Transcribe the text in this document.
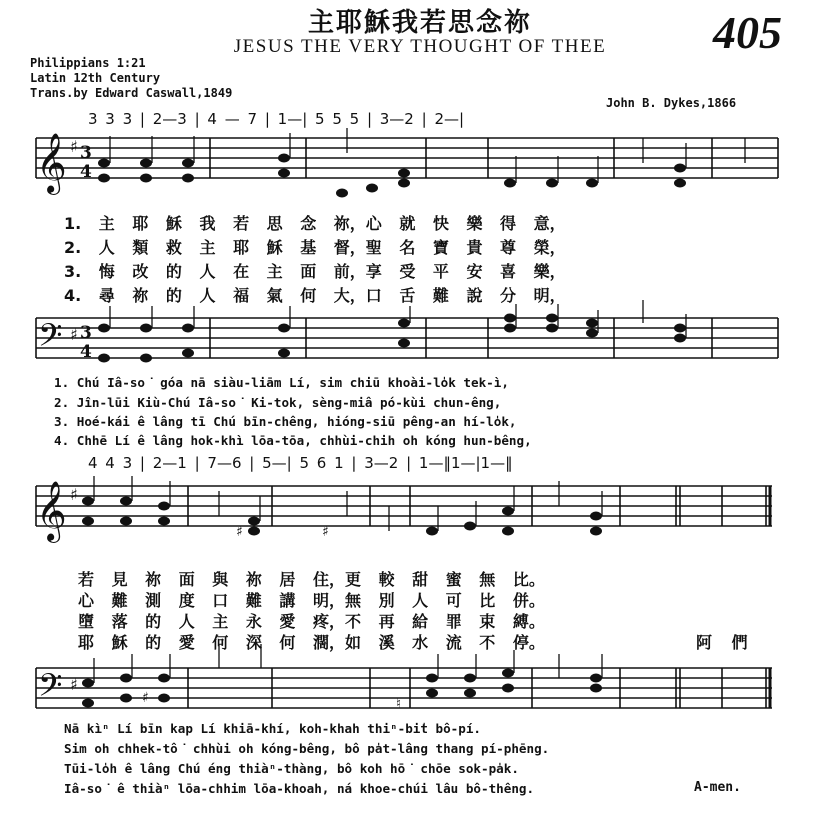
主耶穌我若思念祢
JESUS THE VERY THOUGHT OF THEE	405
Philippians 1:21
Latin 12th Century
Trans.by Edward Caswall,1849
John B. Dykes,1866
3 3 3 | 2—3 | 4 — 7 | 1—| 5 5 5 | 3—2 | 2—|
𝄞 ♯ 3
4
1. 主 耶 穌 我 若 思 念 祢，心 就 快 樂 得 意，
2. 人 類 救 主 耶 穌 基 督，聖 名 寶 貴 尊 榮，
3. 悔 改 的 人 在 主 面 前，享 受 平 安 喜 樂，
4. 尋 祢 的 人 福 氣 何 大，口 舌 難 說 分 明，
𝄢 ♯ 3
4
1. Chú Iâ-so͘ góa nā siàu-liām Lí, sim chiū khoài-lo̍k tek-ì,
2. Jîn-lūi Kiù-Chú Iâ-so͘ Ki-tok, sèng-miâ pó-kùi chun-êng,
3. Hoé-kái ê lâng tī Chú bīn-chêng, hióng-siū pêng-an hí-lo̍k,
4. Chhē Lí ê lâng hok-khì lōa-tōa, chhùi-chih oh kóng hun-bêng,
4 4 3 | 2—1 | 7—6 | 5—| 5 6 1 | 3—2 | 1—‖1—|1—‖
𝄞 ♯
♯	♯
若 見 祢 面 與 祢 居 住，更 較 甜 蜜 無 比。
心 難 測 度 口 難 講 明，無 別 人 可 比 併。
墮 落 的 人 主 永 愛 疼，不 再 給 罪 束 縛。
耶 穌 的 愛 何 深 何 濶，如 溪 水 流 不 停。	阿 們
𝄢 ♯
♯	♮
Nā kìⁿ Lí bīn kap Lí khiā-khí, koh-khah thiⁿ-bi̍t bô-pí.
Sim oh chhek-tô͘ chhùi oh kóng-bêng, bô pa̍t-lâng thang pí-phēng.
Tūi-lo̍h ê lâng Chú éng thiàⁿ-thàng, bô koh hō͘ chōe sok-pa̍k.
Iâ-so͘ ê thiàⁿ lōa-chhim lōa-khoah, ná khoe-chúi lâu bô-thêng.	A-men.
